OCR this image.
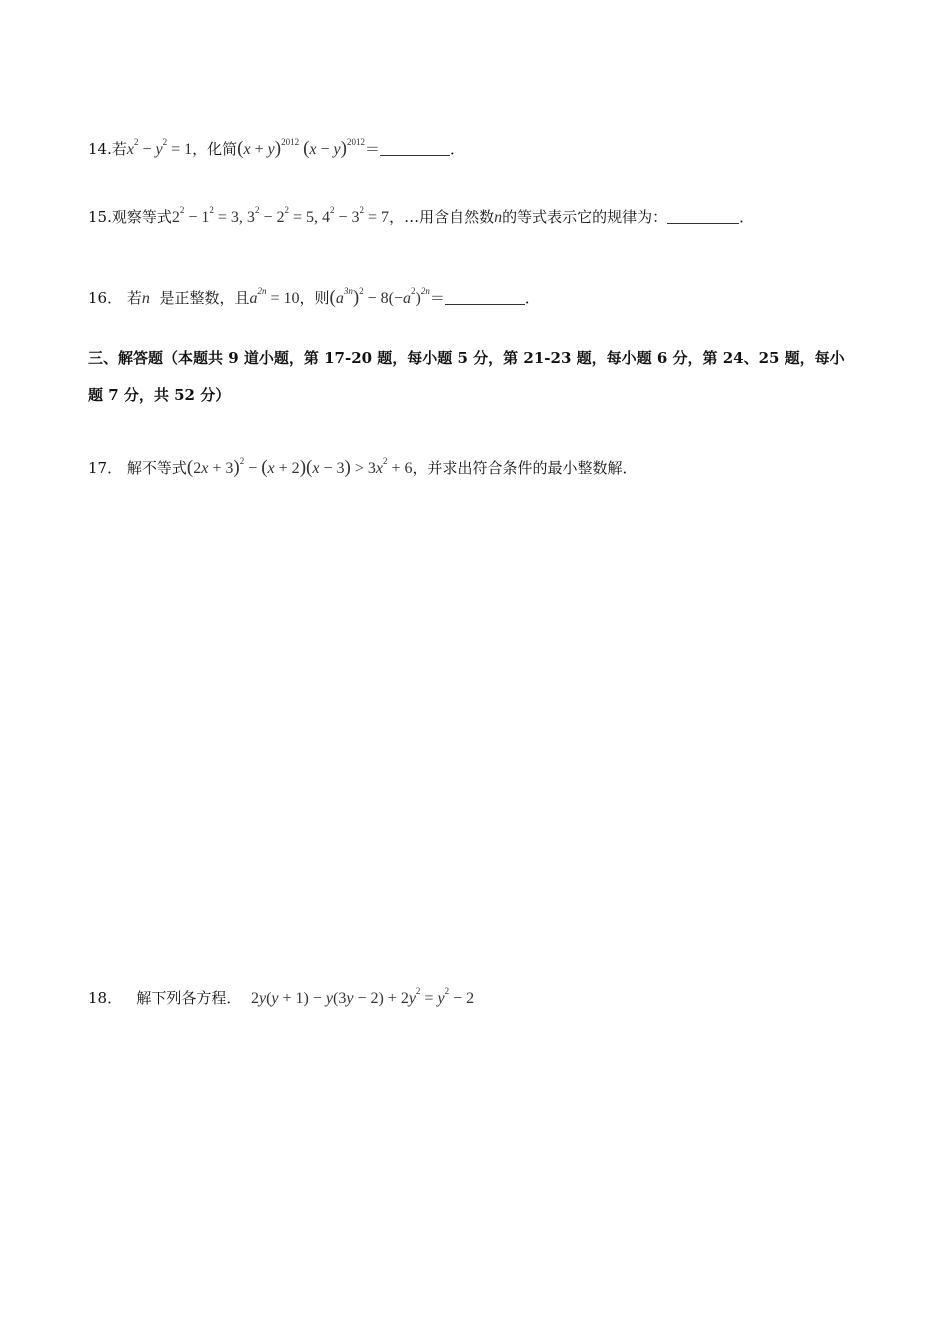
14.若$x^2 - y^2 = 1$，化简$(x + y)^{2012}$ $(x - y)^{2012}=$	．
15.观察等式$2^2 - 1^2 = 3$, $3^2 - 2^2 = 5$, $4^2 - 3^2 = 7$，…用含自然数n的等式表示它的规律为：	．
16． 若n 是正整数，且$a^{2n} = 10$，则$(a^{3n})^2 - 8(-a^2)^{2n}=$	．
三、解答题（本题共 9 道小题，第 17-20 题，每小题 5 分，第 21-23 题，每小题 6 分，第 24、25 题，每小
题 7 分，共 52 分）
17． 解不等式$(2x + 3)^2 - (x + 2)(x - 3) > 3x^2 + 6$，并求出符合条件的最小整数解．
18． 解下列各方程． $2y(y + 1) - y(3y - 2) + 2y^2 = y^2 - 2$
